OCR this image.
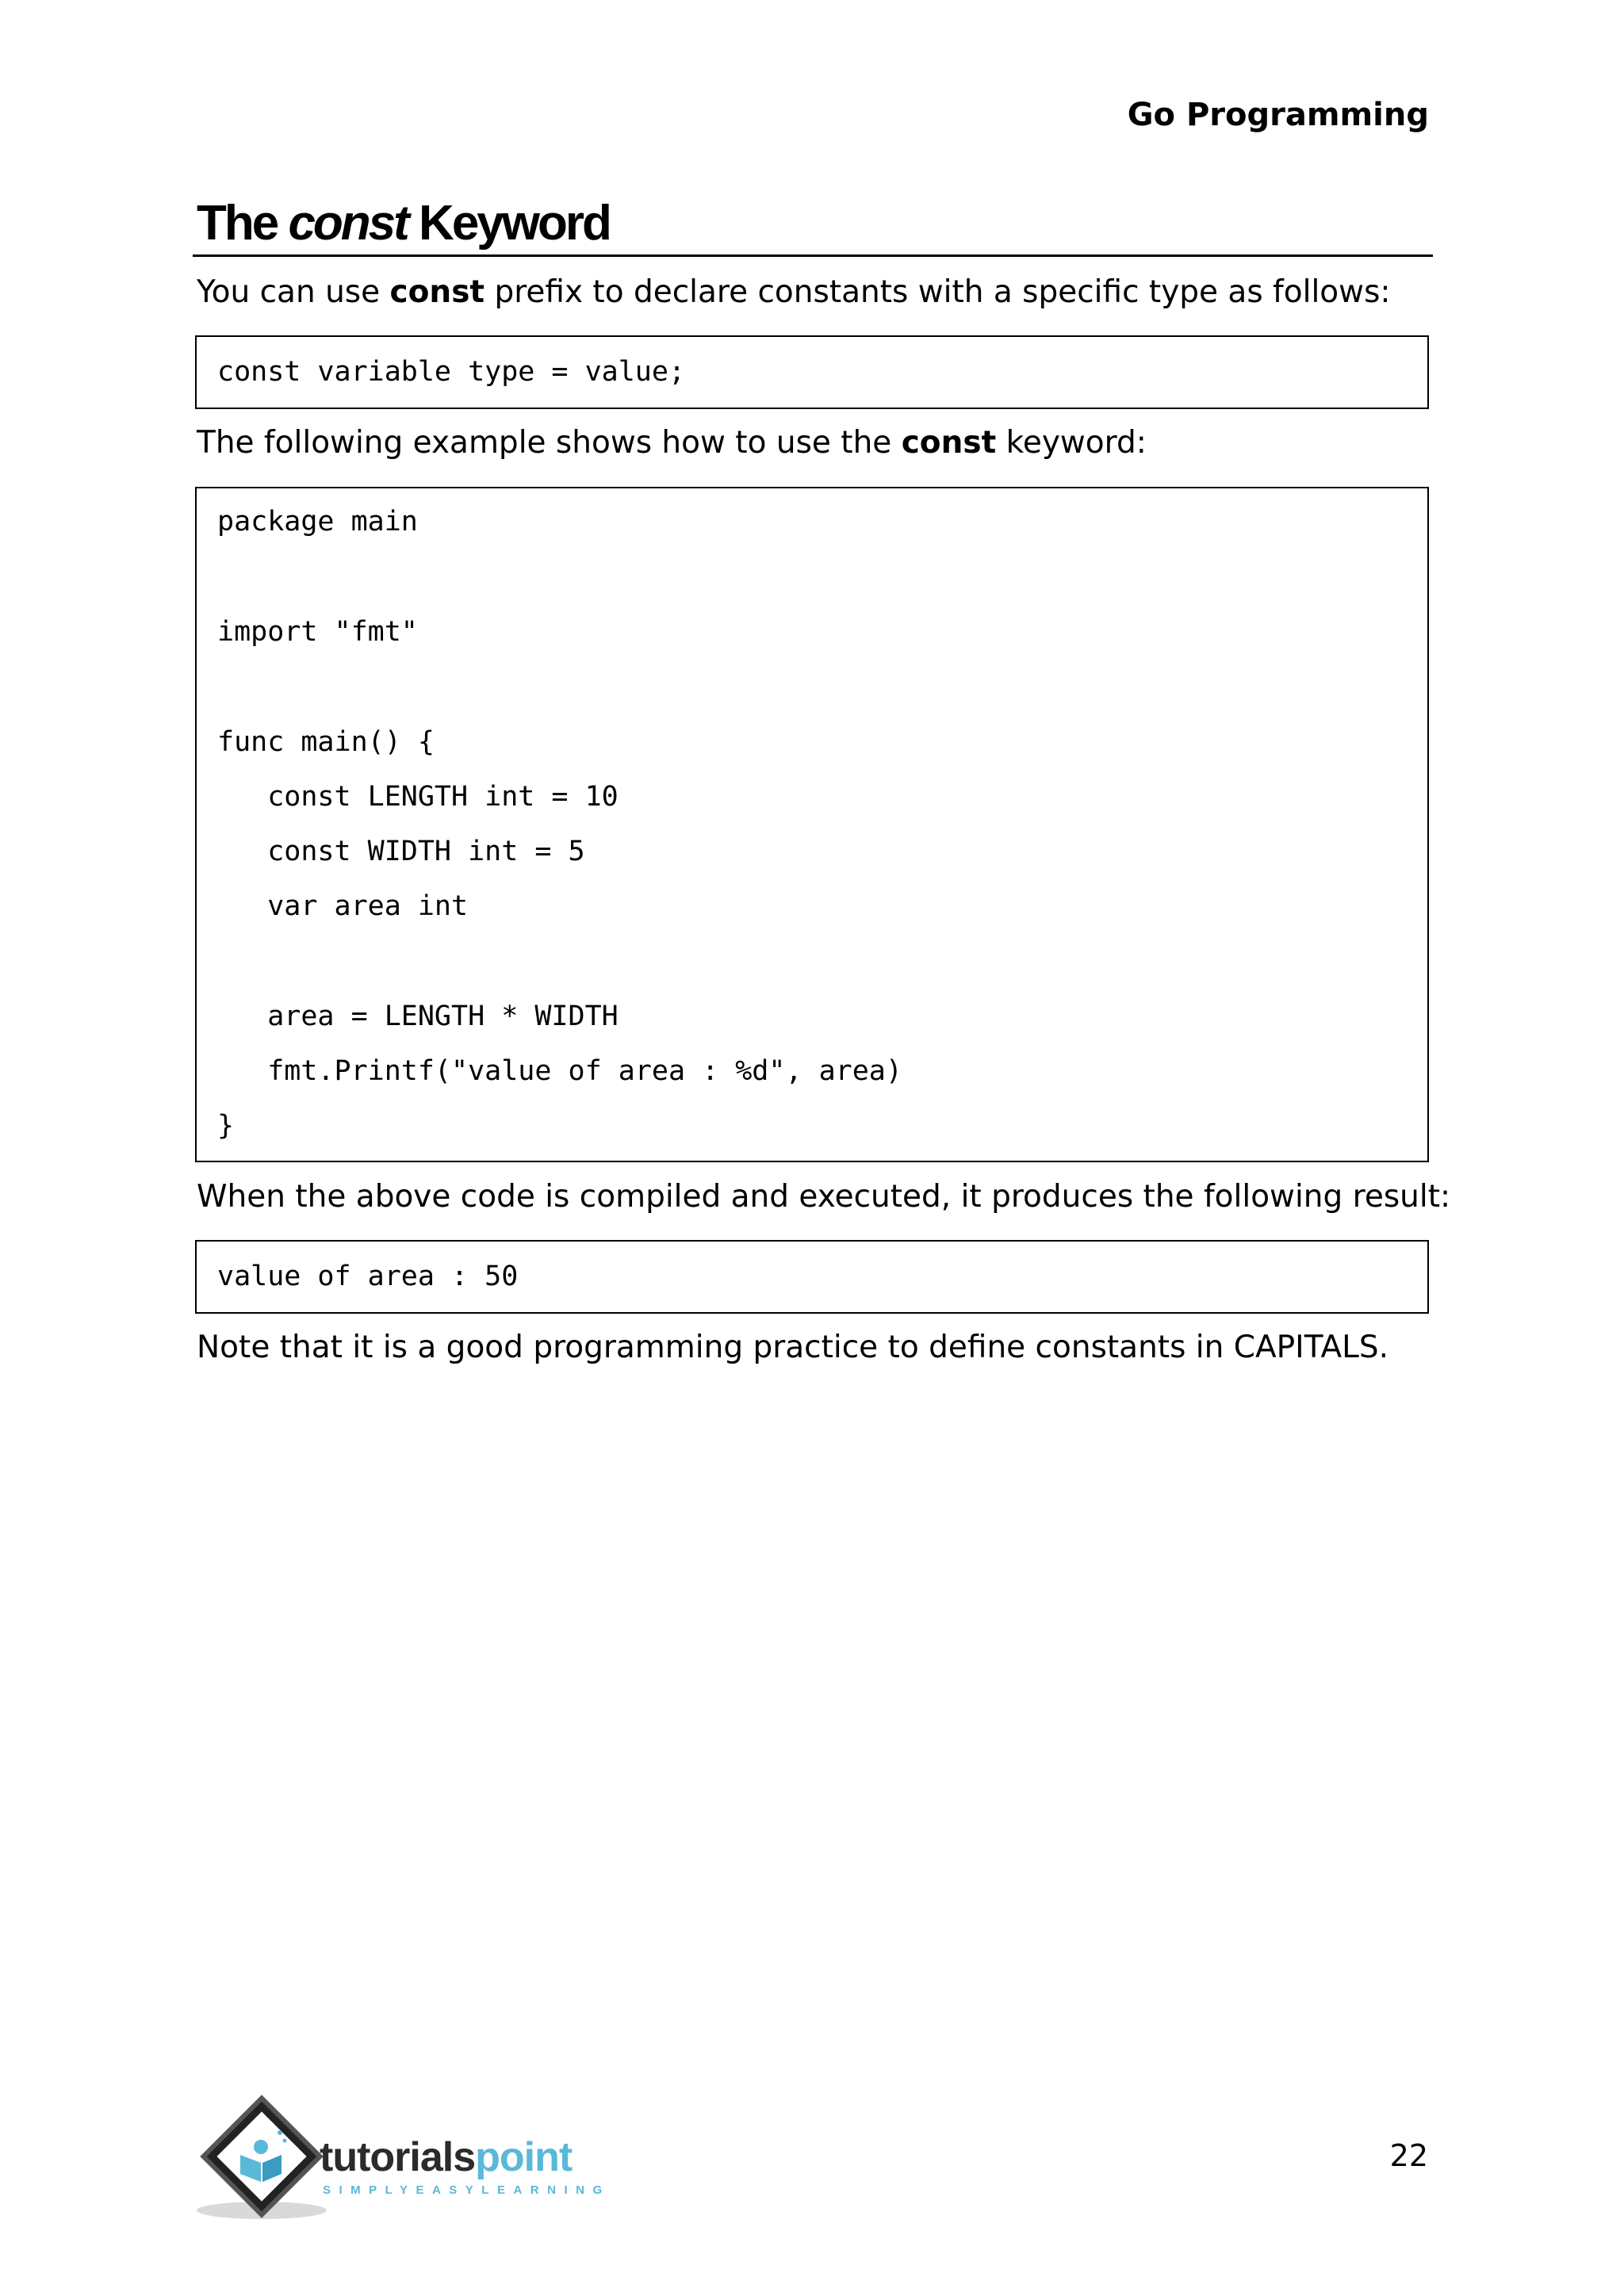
Go Programming
The const Keyword
You can use const prefix to declare constants with a specific type as follows:
const variable type = value;
The following example shows how to use the const keyword:
package main
import "fmt"
func main() {
const LENGTH int = 10
const WIDTH int = 5
var area int
area = LENGTH * WIDTH
fmt.Printf("value of area : %d", area)
}
When the above code is compiled and executed, it produces the following result:
value of area : 50
Note that it is a good programming practice to define constants in CAPITALS.
tutorialspoint
SIMPLYEASYLEARNING
22
